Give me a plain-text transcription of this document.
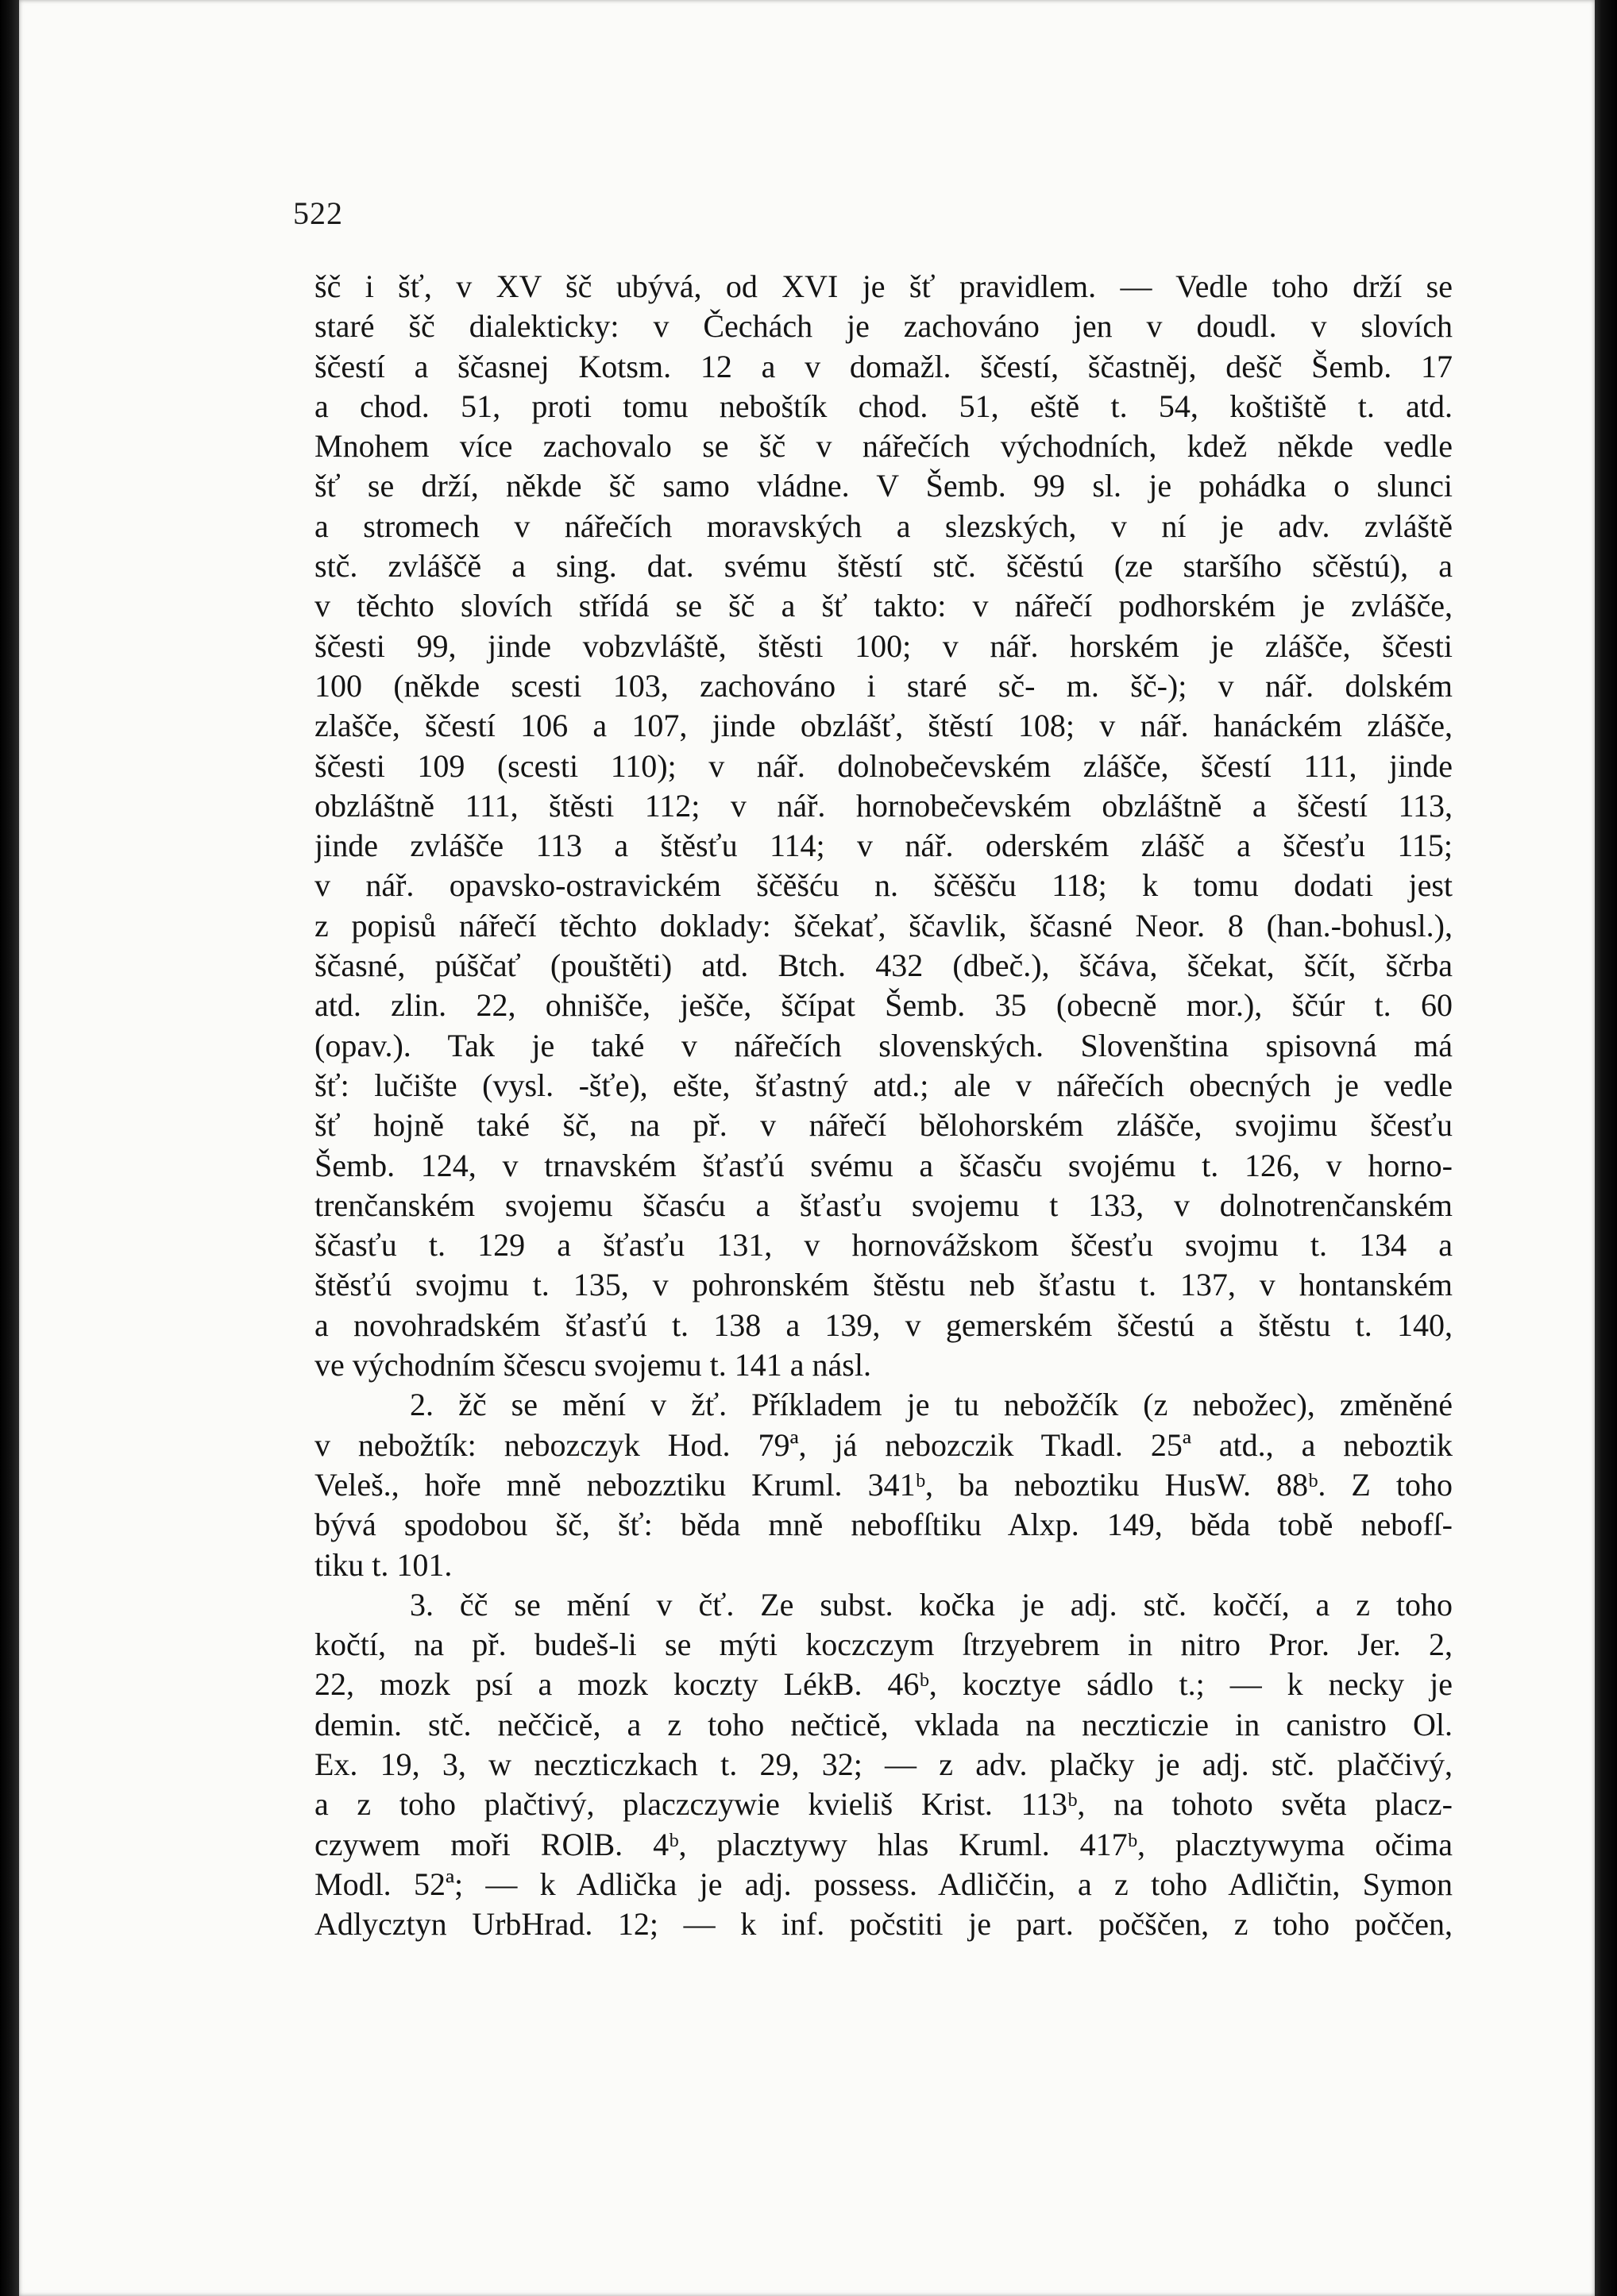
522
šč i šť, v XV šč ubývá, od XVI je šť pravidlem. — Vedle toho drží se
staré šč dialekticky: v Čechách je zachováno jen v doudl. v slovích
ščestí a ščasnej Kotsm. 12 a v domažl. ščestí, ščastněj, dešč Šemb. 17
a chod. 51, proti tomu neboštík chod. 51, eště t. 54, koštiště t. atd.
Mnohem více zachovalo se šč v nářečích východních, kdež někde vedle
šť se drží, někde šč samo vládne. V Šemb. 99 sl. je pohádka o slunci
a stromech v nářečích moravských a slezských, v ní je adv. zvláště
stč. zvláščě a sing. dat. svému štěstí stč. ščěstú (ze staršího sčěstú), a
v těchto slovích střídá se šč a šť takto: v nářečí podhorském je zvlášče,
ščesti 99, jinde vobzvláště, štěsti 100; v nář. horském je zlášče, ščesti
100 (někde scesti 103, zachováno i staré sč- m. šč-); v nář. dolském
zlašče, ščestí 106 a 107, jinde obzlášť, štěstí 108; v nář. hanáckém zlášče,
ščesti 109 (scesti 110); v nář. dolnobečevském zlášče, ščestí 111, jinde
obzláštně 111, štěsti 112; v nář. hornobečevském obzláštně a ščestí 113,
jinde zvlášče 113 a štěsťu 114; v nář. oderském zlášč a ščesťu 115;
v nář. opavsko-ostravickém ščěšću n. ščěšču 118; k tomu dodati jest
z popisů nářečí těchto doklady: ščekať, ščavlik, ščasné Neor. 8 (han.-bohusl.),
ščasné, púščať (pouštěti) atd. Btch. 432 (dbeč.), ščáva, ščekat, ščít, ščrba
atd. zlin. 22, ohnišče, ješče, ščípat Šemb. 35 (obecně mor.), ščúr t. 60
(opav.). Tak je také v nářečích slovenských. Slovenština spisovná má
šť: lučište (vysl. -šťe), ešte, šťastný atd.; ale v nářečích obecných je vedle
šť hojně také šč, na př. v nářečí bělohorském zlášče, svojimu ščesťu
Šemb. 124, v trnavském šťasťú svému a ščasču svojému t. 126, v horno-
trenčanském svojemu ščasću a šťasťu svojemu t 133, v dolnotrenčanském
ščasťu t. 129 a šťasťu 131, v hornovážskom ščesťu svojmu t. 134 a
štěsťú svojmu t. 135, v pohronském štěstu neb šťastu t. 137, v hontanském
a novohradském šťasťú t. 138 a 139, v gemerském ščestú a štěstu t. 140,
ve východním ščescu svojemu t. 141 a násl.
2. žč se mění v žť. Příkladem je tu nebožčík (z nebožec), změněné
v nebožtík: nebozczyk Hod. 79ª, já nebozczik Tkadl. 25ª atd., a neboztik
Veleš., hoře mně nebozztiku Kruml. 341ᵇ, ba neboztiku HusW. 88ᵇ. Z toho
bývá spodobou šč, šť: běda mně nebofſtiku Alxp. 149, běda tobě nebofſ-
tiku t. 101.
3. čč se mění v čť. Ze subst. kočka je adj. stč. koččí, a z toho
kočtí, na př. budeš-li se mýti koczczym ſtrzyebrem in nitro Pror. Jer. 2,
22, mozk psí a mozk koczty LékB. 46ᵇ, kocztye sádlo t.; — k necky je
demin. stč. neččicě, a z toho nečticě, vklada na neczticzie in canistro Ol.
Ex. 19, 3, w neczticzkach t. 29, 32; — z adv. plačky je adj. stč. plaččivý,
a z toho plačtivý, placzczywie kvieliš Krist. 113ᵇ, na tohoto světa placz-
czywem moři ROlB. 4ᵇ, placztywy hlas Kruml. 417ᵇ, placztywyma očima
Modl. 52ª; — k Adlička je adj. possess. Adliččin, a z toho Adličtin, Symon
Adlycztyn UrbHrad. 12; — k inf. počstiti je part. počščen, z toho poččen,
